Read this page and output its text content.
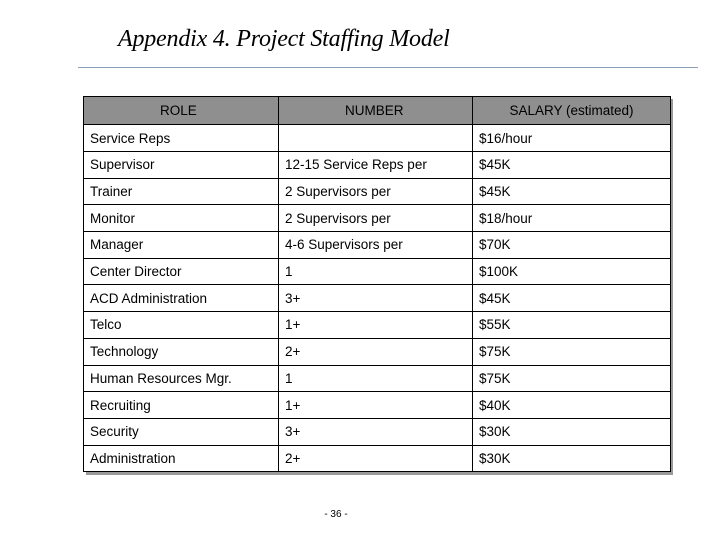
Appendix 4. Project Staffing Model
ROLE	NUMBER	SALARY (estimated)
Service Reps		$16/hour
Supervisor	12-15 Service Reps per	$45K
Trainer	2 Supervisors per	$45K
Monitor	2 Supervisors per	$18/hour
Manager	4-6 Supervisors per	$70K
Center Director	1	$100K
ACD Administration	3+	$45K
Telco	1+	$55K
Technology	2+	$75K
Human Resources Mgr.	1	$75K
Recruiting	1+	$40K
Security	3+	$30K
Administration	2+	$30K
- 36 -
